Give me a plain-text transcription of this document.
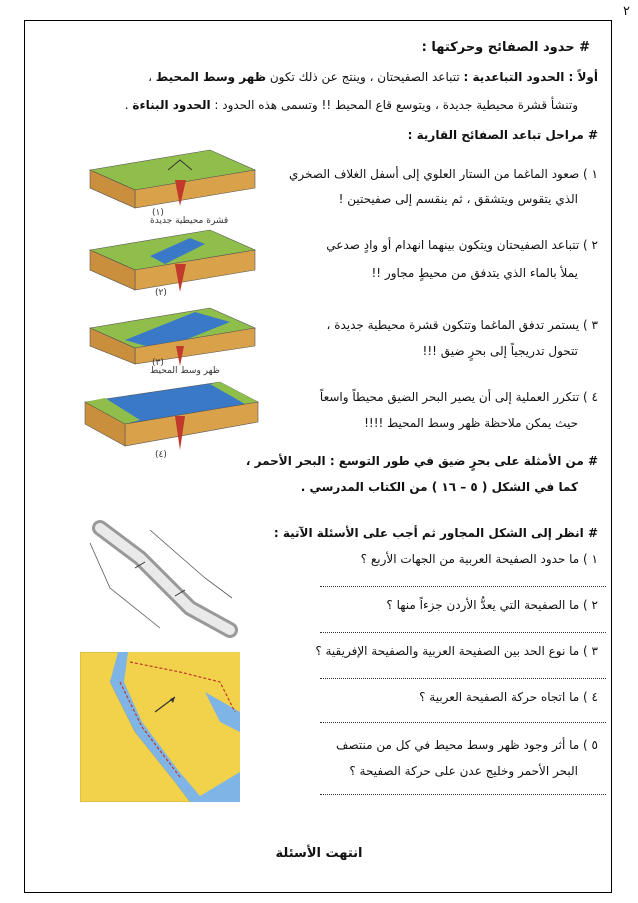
٢
# حدود الصفائح وحركتها :
أولاً : الحدود التباعدية : تتباعد الصفيحتان ، وينتج عن ذلك تكون ظهر وسط المحيط ،
وتنشأ قشرة محيطية جديدة ، ويتوسع قاع المحيط !! وتسمى هذه الحدود : الحدود البناءة .
# مراحل تباعد الصفائح القارية :
١ ) صعود الماغما من الستار العلوي إلى أسفل الغلاف الصخري
الذي يتقوس ويتشقق ، ثم ينقسم إلى صفيحتين !
٢ ) تتباعد الصفيحتان ويتكون بينهما انهدام أو وادٍ صدعي
يملأ بالماء الذي يتدفق من محيطٍ مجاور !!
٣ ) يستمر تدفق الماغما وتتكون قشرة محيطية جديدة ،
تتحول تدريجياً إلى بحرٍ ضيق !!!
٤ ) تتكرر العملية إلى أن يصير البحر الضيق محيطاً واسعاً
حيث يمكن ملاحظة ظهر وسط المحيط !!!!
(١)
قشرة محيطية جديدة
(٢)
(٣)
ظهر وسط المحيط
(٤)	# من الأمثلة على بحرٍ ضيق في طور التوسع : البحر الأحمر ،
كما في الشكل ( ٥ – ١٦ ) من الكتاب المدرسي .
# انظر إلى الشكل المجاور ثم أجب على الأسئلة الآتية :
١ ) ما حدود الصفيحة العربية من الجهات الأربع ؟
٢ ) ما الصفيحة التي يعدُّ الأردن جزءاً منها ؟
٣ ) ما نوع الحد بين الصفيحة العربية والصفيحة الإفريقية ؟
٤ ) ما اتجاه حركة الصفيحة العربية ؟
٥ ) ما أثر وجود ظهر وسط محيط في كل من منتصف
البحر الأحمر وخليج عدن على حركة الصفيحة ؟
انتهت الأسئلة
